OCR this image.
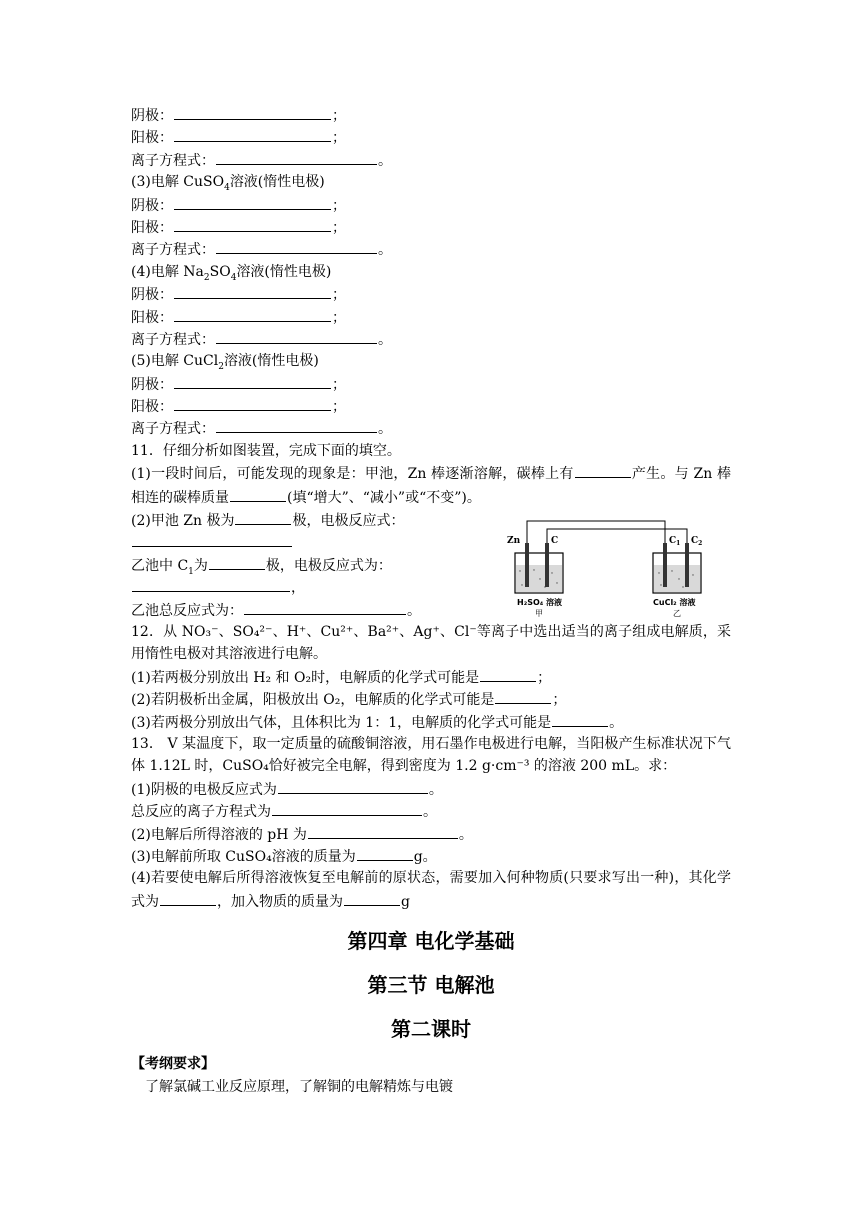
阴极：	；
阳极：	；
离子方程式：	。
(3)电解 CuSO$_4$溶液(惰性电极)
阴极：	；
阳极：	；
离子方程式：	。
(4)电解 $Na_2SO_4$溶液(惰性电极)
阴极：	；
阳极：	；
离子方程式：	。
(5)电解 CuCl$_2$溶液(惰性电极)
阴极：	；
阳极：	；
离子方程式：	。
11．仔细分析如图装置，完成下面的填空。
(1)一段时间后，可能发现的现象是：甲池，Zn 棒逐渐溶解，碳棒上有	产生。与 Zn 棒相连的碳棒质量	(填“增大”、“减小”或“不变”)。
(2)甲池 Zn 极为	极，电极反应式：
乙池中 $C_1$为	极，电极反应式为：
，
乙池总反应式为：	。
Zn	C	$C_1$ $C_2$
H₂SO₄ 溶液
甲
CuCl₂ 溶液
乙
12．从 NO₃⁻、SO₄²⁻、H⁺、Cu²⁺、Ba²⁺、Ag⁺、Cl⁻等离子中选出适当的离子组成电解质，采用惰性电极对其溶液进行电解。
(1)若两极分别放出 H₂ 和 O₂时，电解质的化学式可能是	；
(2)若阴极析出金属，阳极放出 O₂，电解质的化学式可能是	；
(3)若两极分别放出气体，且体积比为 1：1，电解质的化学式可能是	。
13． V 某温度下，取一定质量的硫酸铜溶液，用石墨作电极进行电解，当阳极产生标准状况下气体 1.12L 时，CuSO₄恰好被完全电解，得到密度为 1.2 g·cm⁻³ 的溶液 200 mL。求：
(1)阴极的电极反应式为	。
总反应的离子方程式为	。
(2)电解后所得溶液的 pH 为	。
(3)电解前所取 CuSO₄溶液的质量为	g。
(4)若要使电解后所得溶液恢复至电解前的原状态，需要加入何种物质(只要求写出一种)，其化学式为	，加入物质的质量为	g
第四章 电化学基础
第三节 电解池
第二课时
【考纲要求】
了解氯碱工业反应原理，了解铜的电解精炼与电镀
